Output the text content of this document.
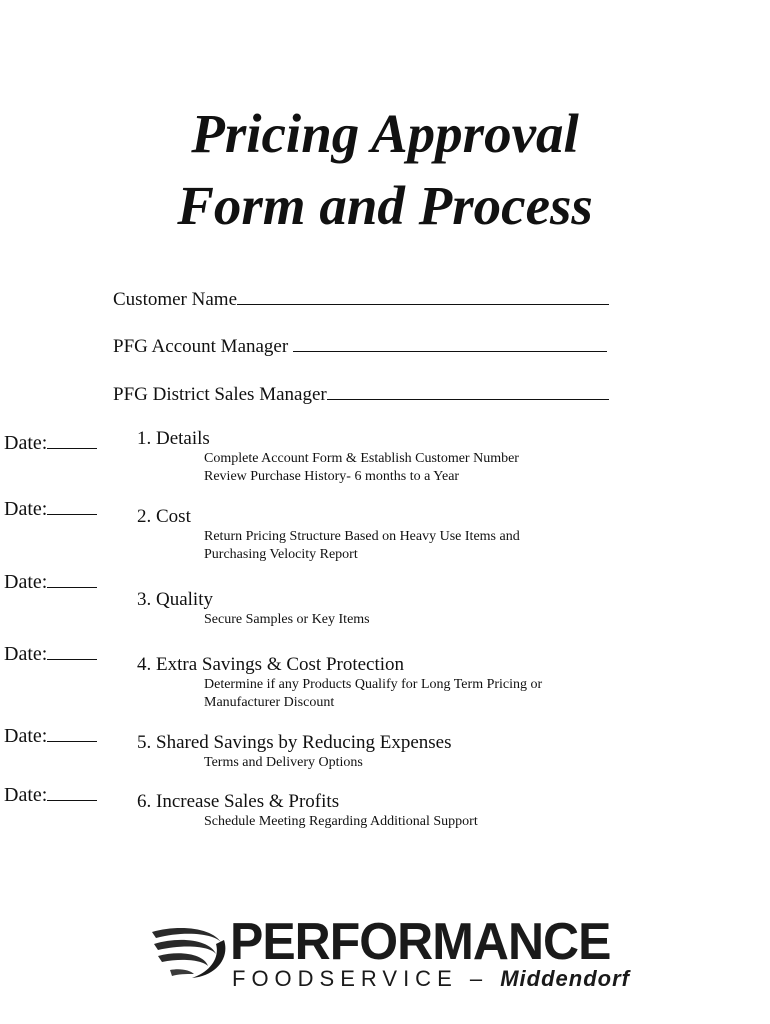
Pricing Approval
Form and Process
Customer Name
PFG Account Manager
PFG District Sales Manager
Date:
Date:
Date:
Date:
Date:
Date:
1. Details
Complete Account Form & Establish Customer Number
Review Purchase History- 6 months to a Year
2. Cost
Return Pricing Structure Based on Heavy Use Items and
Purchasing Velocity Report
3. Quality
Secure Samples or Key Items
4. Extra Savings & Cost Protection
Determine if any Products Qualify for Long Term Pricing or
Manufacturer Discount
5. Shared Savings by Reducing Expenses
Terms and Delivery Options
6. Increase Sales & Profits
Schedule Meeting Regarding Additional Support
PERFORMANCE
FOODSERVICE – Middendorf
